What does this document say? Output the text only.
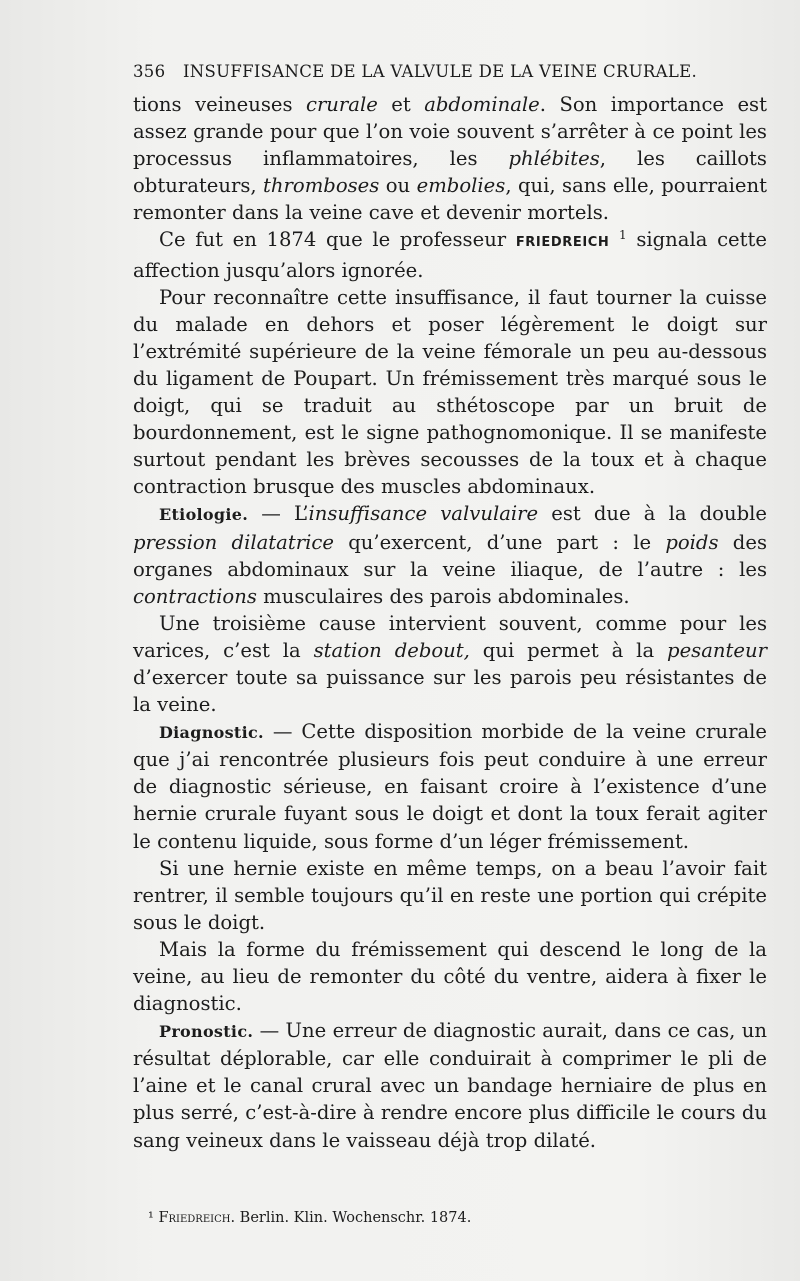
356 INSUFFISANCE DE LA VALVULE DE LA VEINE CRURALE.

tions veineuses crurale et abdominale. Son importance est assez grande pour que l’on voie souvent s’arrêter à ce point les processus inflammatoires, les phlébites, les caillots obturateurs, thromboses ou embolies, qui, sans elle, pourraient remonter dans la veine cave et devenir mortels.

Ce fut en 1874 que le professeur FRIEDREICH $^1$ signala cette affection jusqu’alors ignorée.

Pour reconnaître cette insuffisance, il faut tourner la cuisse du malade en dehors et poser légèrement le doigt sur l’extrémité supérieure de la veine fémorale un peu au-dessous du ligament de Poupart. Un frémissement très marqué sous le doigt, qui se traduit au sthétoscope par un bruit de bourdonnement, est le signe pathognomonique. Il se manifeste surtout pendant les brèves secousses de la toux et à chaque contraction brusque des muscles abdominaux.

Etiologie. — L’insuffisance valvulaire est due à la double pression dilatatrice qu’exercent, d’une part : le poids des organes abdominaux sur la veine iliaque, de l’autre : les contractions musculaires des parois abdominales.

Une troisième cause intervient souvent, comme pour les varices, c’est la station debout, qui permet à la pesanteur d’exercer toute sa puissance sur les parois peu résistantes de la veine.

Diagnostic. — Cette disposition morbide de la veine crurale que j’ai rencontrée plusieurs fois peut conduire à une erreur de diagnostic sérieuse, en faisant croire à l’existence d’une hernie crurale fuyant sous le doigt et dont la toux ferait agiter le contenu liquide, sous forme d’un léger frémissement.

Si une hernie existe en même temps, on a beau l’avoir fait rentrer, il semble toujours qu’il en reste une portion qui crépite sous le doigt.

Mais la forme du frémissement qui descend le long de la veine, au lieu de remonter du côté du ventre, aidera à fixer le diagnostic.

Pronostic. — Une erreur de diagnostic aurait, dans ce cas, un résultat déplorable, car elle conduirait à comprimer le pli de l’aine et le canal crural avec un bandage herniaire de plus en plus serré, c’est-à-dire à rendre encore plus difficile le cours du sang veineux dans le vaisseau déjà trop dilaté.

¹ Friedreich. Berlin. Klin. Wochenschr. 1874.
